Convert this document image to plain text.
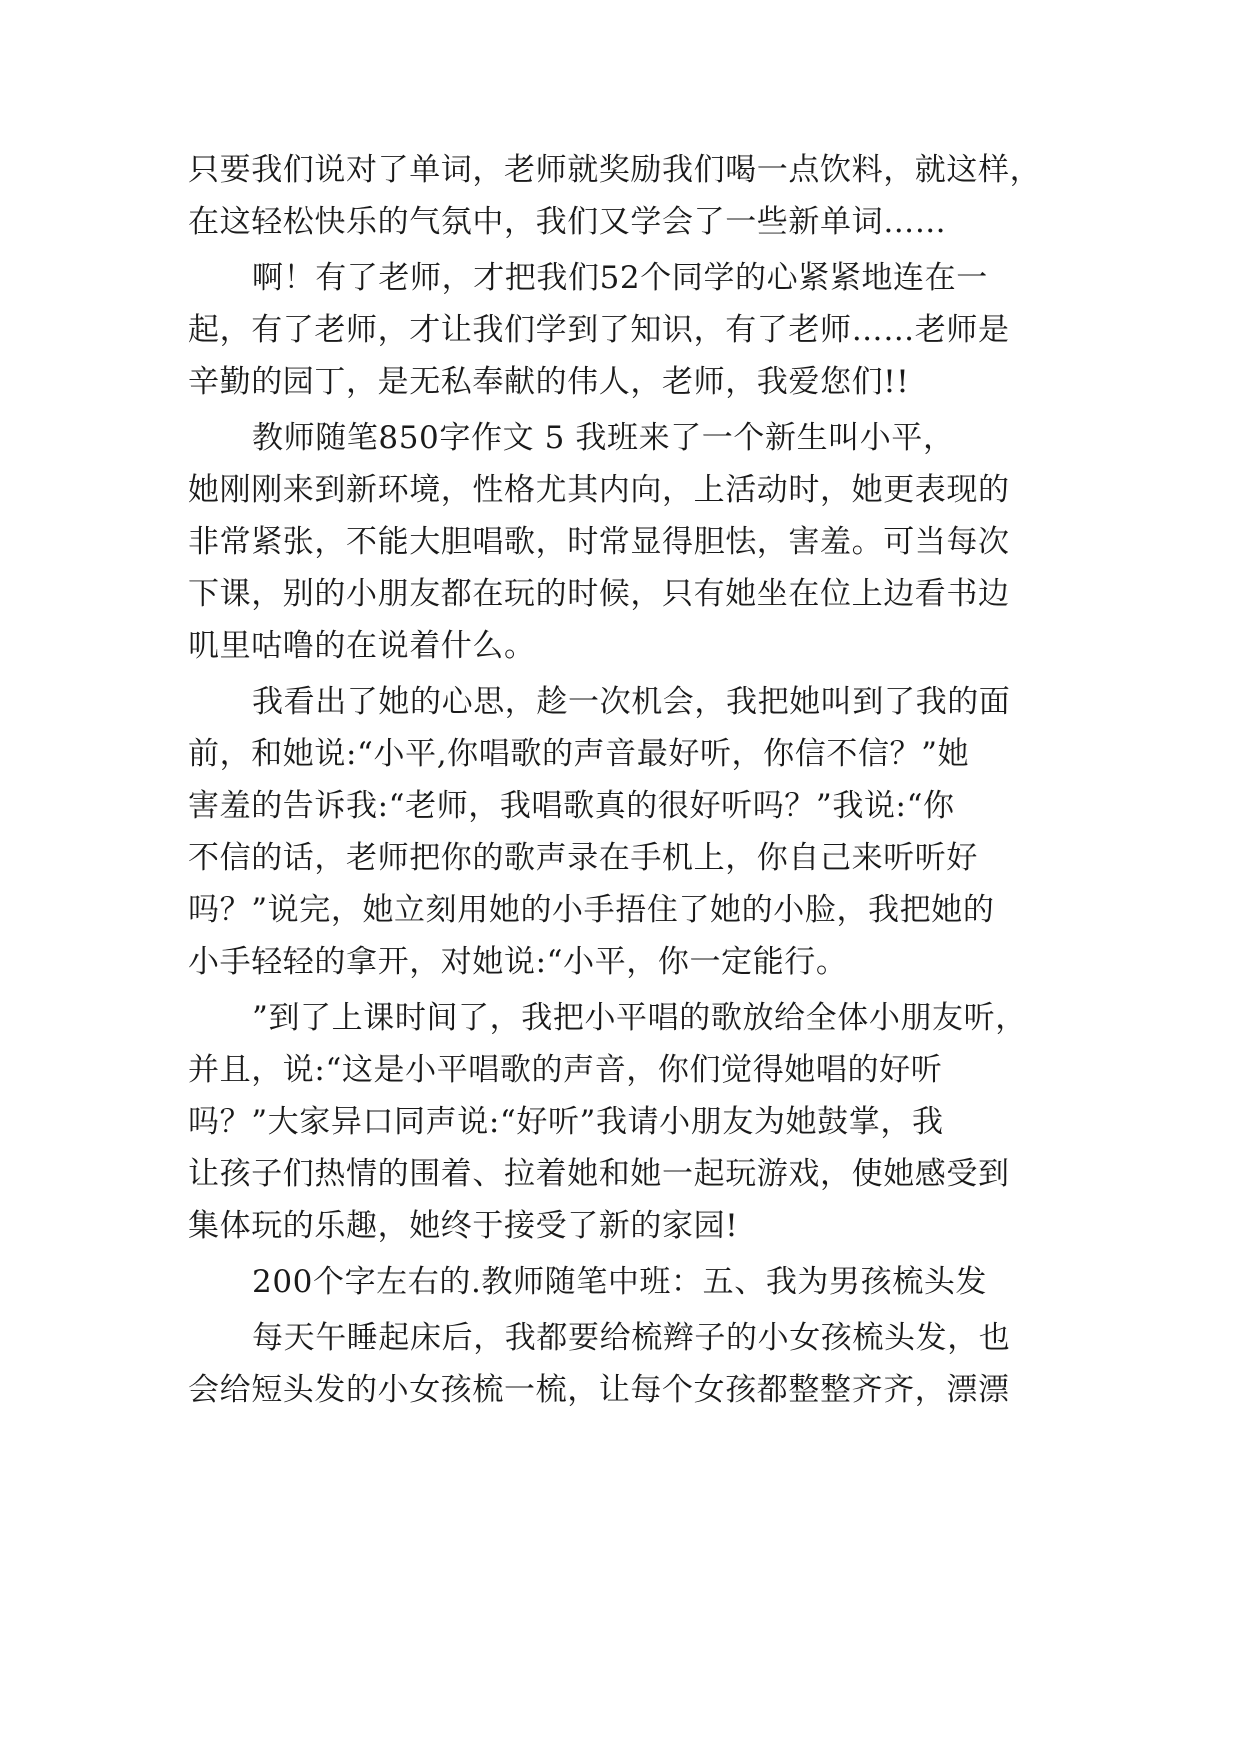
只要我们说对了单词，老师就奖励我们喝一点饮料，就这样，
在这轻松快乐的气氛中，我们又学会了一些新单词……
啊！有了老师，才把我们52个同学的心紧紧地连在一
起，有了老师，才让我们学到了知识，有了老师……老师是
辛勤的园丁，是无私奉献的伟人，老师，我爱您们!!
教师随笔850字作文 5 我班来了一个新生叫小平，
她刚刚来到新环境，性格尤其内向，上活动时，她更表现的
非常紧张，不能大胆唱歌，时常显得胆怯，害羞。可当每次
下课，别的小朋友都在玩的时候，只有她坐在位上边看书边
叽里咕噜的在说着什么。
我看出了她的心思，趁一次机会，我把她叫到了我的面
前，和她说:“小平,你唱歌的声音最好听，你信不信？”她
害羞的告诉我:“老师，我唱歌真的很好听吗？”我说:“你
不信的话，老师把你的歌声录在手机上，你自己来听听好
吗？”说完，她立刻用她的小手捂住了她的小脸，我把她的
小手轻轻的拿开，对她说:“小平，你一定能行。
”到了上课时间了，我把小平唱的歌放给全体小朋友听，
并且，说:“这是小平唱歌的声音，你们觉得她唱的好听
吗？”大家异口同声说:“好听”我请小朋友为她鼓掌，我
让孩子们热情的围着、拉着她和她一起玩游戏，使她感受到
集体玩的乐趣，她终于接受了新的家园!
200个字左右的.教师随笔中班：五、我为男孩梳头发
每天午睡起床后，我都要给梳辫子的小女孩梳头发，也
会给短头发的小女孩梳一梳，让每个女孩都整整齐齐，漂漂
